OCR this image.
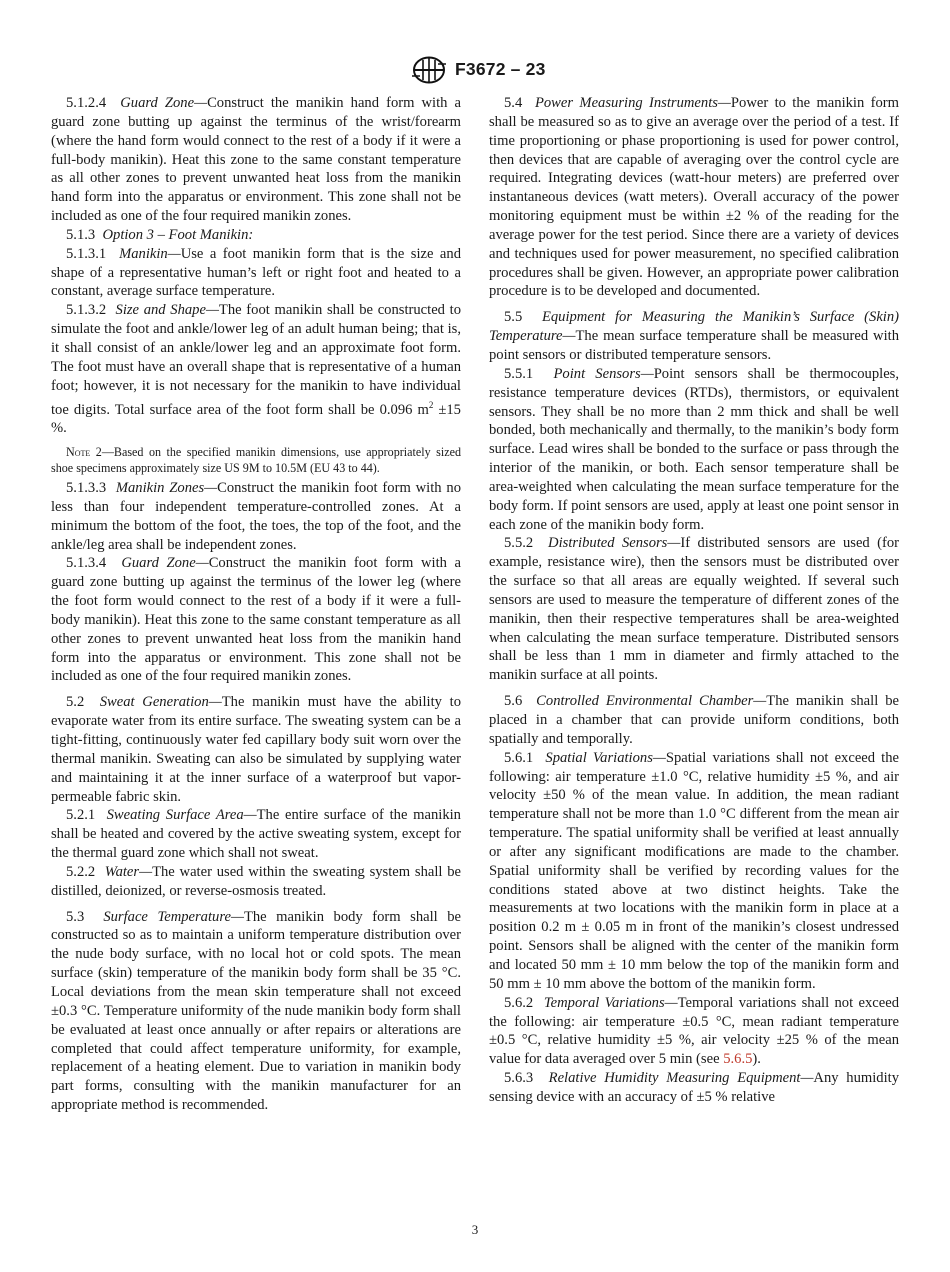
F3672 – 23

5.1.2.4 Guard Zone—Construct the manikin hand form with a guard zone butting up against the terminus of the wrist/forearm (where the hand form would connect to the rest of a body if it were a full-body manikin). Heat this zone to the same constant temperature as all other zones to prevent unwanted heat loss from the manikin hand form into the apparatus or environment. This zone shall not be included as one of the four required manikin zones.

5.1.3 Option 3 – Foot Manikin:

5.1.3.1 Manikin—Use a foot manikin form that is the size and shape of a representative human’s left or right foot and heated to a constant, average surface temperature.

5.1.3.2 Size and Shape—The foot manikin shall be constructed to simulate the foot and ankle/lower leg of an adult human being; that is, it shall consist of an ankle/lower leg and an approximate foot form. The foot must have an overall shape that is representative of a human foot; however, it is not necessary for the manikin to have individual toe digits. Total surface area of the foot form shall be 0.096 $m^2 \pm 15$ %.

Note 2—Based on the specified manikin dimensions, use appropriately sized shoe specimens approximately size US 9M to 10.5M (EU 43 to 44).

5.1.3.3 Manikin Zones—Construct the manikin foot form with no less than four independent temperature-controlled zones. At a minimum the bottom of the foot, the toes, the top of the foot, and the ankle/leg area shall be independent zones.

5.1.3.4 Guard Zone—Construct the manikin foot form with a guard zone butting up against the terminus of the lower leg (where the foot form would connect to the rest of a body if it were a full-body manikin). Heat this zone to the same constant temperature as all other zones to prevent unwanted heat loss from the manikin hand form into the apparatus or environment. This zone shall not be included as one of the four required manikin zones.

5.2 Sweat Generation—The manikin must have the ability to evaporate water from its entire surface. The sweating system can be a tight-fitting, continuously water fed capillary body suit worn over the thermal manikin. Sweating can also be simulated by supplying water and maintaining it at the inner surface of a waterproof but vapor-permeable fabric skin.

5.2.1 Sweating Surface Area—The entire surface of the manikin shall be heated and covered by the active sweating system, except for the thermal guard zone which shall not sweat.

5.2.2 Water—The water used within the sweating system shall be distilled, deionized, or reverse-osmosis treated.

5.3 Surface Temperature—The manikin body form shall be constructed so as to maintain a uniform temperature distribution over the nude body surface, with no local hot or cold spots. The mean surface (skin) temperature of the manikin body form shall be 35 °C. Local deviations from the mean skin temperature shall not exceed ±0.3 °C. Temperature uniformity of the nude manikin body form shall be evaluated at least once annually or after repairs or alterations are completed that could affect temperature uniformity, for example, replacement of a heating element. Due to variation in manikin body part forms, consulting with the manikin manufacturer for an appropriate method is recommended.

5.4 Power Measuring Instruments—Power to the manikin form shall be measured so as to give an average over the period of a test. If time proportioning or phase proportioning is used for power control, then devices that are capable of averaging over the control cycle are required. Integrating devices (watt-hour meters) are preferred over instantaneous devices (watt meters). Overall accuracy of the power monitoring equipment must be within ±2 % of the reading for the average power for the test period. Since there are a variety of devices and techniques used for power measurement, no specified calibration procedures shall be given. However, an appropriate power calibration procedure is to be developed and documented.

5.5 Equipment for Measuring the Manikin’s Surface (Skin) Temperature—The mean surface temperature shall be measured with point sensors or distributed temperature sensors.

5.5.1 Point Sensors—Point sensors shall be thermocouples, resistance temperature devices (RTDs), thermistors, or equivalent sensors. They shall be no more than 2 mm thick and shall be well bonded, both mechanically and thermally, to the manikin’s body form surface. Lead wires shall be bonded to the surface or pass through the interior of the manikin, or both. Each sensor temperature shall be area-weighted when calculating the mean surface temperature for the body form. If point sensors are used, apply at least one point sensor in each zone of the manikin body form.

5.5.2 Distributed Sensors—If distributed sensors are used (for example, resistance wire), then the sensors must be distributed over the surface so that all areas are equally weighted. If several such sensors are used to measure the temperature of different zones of the manikin, then their respective temperatures shall be area-weighted when calculating the mean surface temperature. Distributed sensors shall be less than 1 mm in diameter and firmly attached to the manikin surface at all points.

5.6 Controlled Environmental Chamber—The manikin shall be placed in a chamber that can provide uniform conditions, both spatially and temporally.

5.6.1 Spatial Variations—Spatial variations shall not exceed the following: air temperature ±1.0 °C, relative humidity ±5 %, and air velocity ±50 % of the mean value. In addition, the mean radiant temperature shall not be more than 1.0 °C different from the mean air temperature. The spatial uniformity shall be verified at least annually or after any significant modifications are made to the chamber. Spatial uniformity shall be verified by recording values for the conditions stated above at two distinct heights. Take the measurements at two locations with the manikin form in place at a position 0.2 m ± 0.05 m in front of the manikin’s closest undressed point. Sensors shall be aligned with the center of the manikin form and located 50 mm ± 10 mm below the top of the manikin form and 50 mm ± 10 mm above the bottom of the manikin form.

5.6.2 Temporal Variations—Temporal variations shall not exceed the following: air temperature ±0.5 °C, mean radiant temperature ±0.5 °C, relative humidity ±5 %, air velocity ±25 % of the mean value for data averaged over 5 min (see 5.6.5).

5.6.3 Relative Humidity Measuring Equipment—Any humidity sensing device with an accuracy of ±5 % relative

3
